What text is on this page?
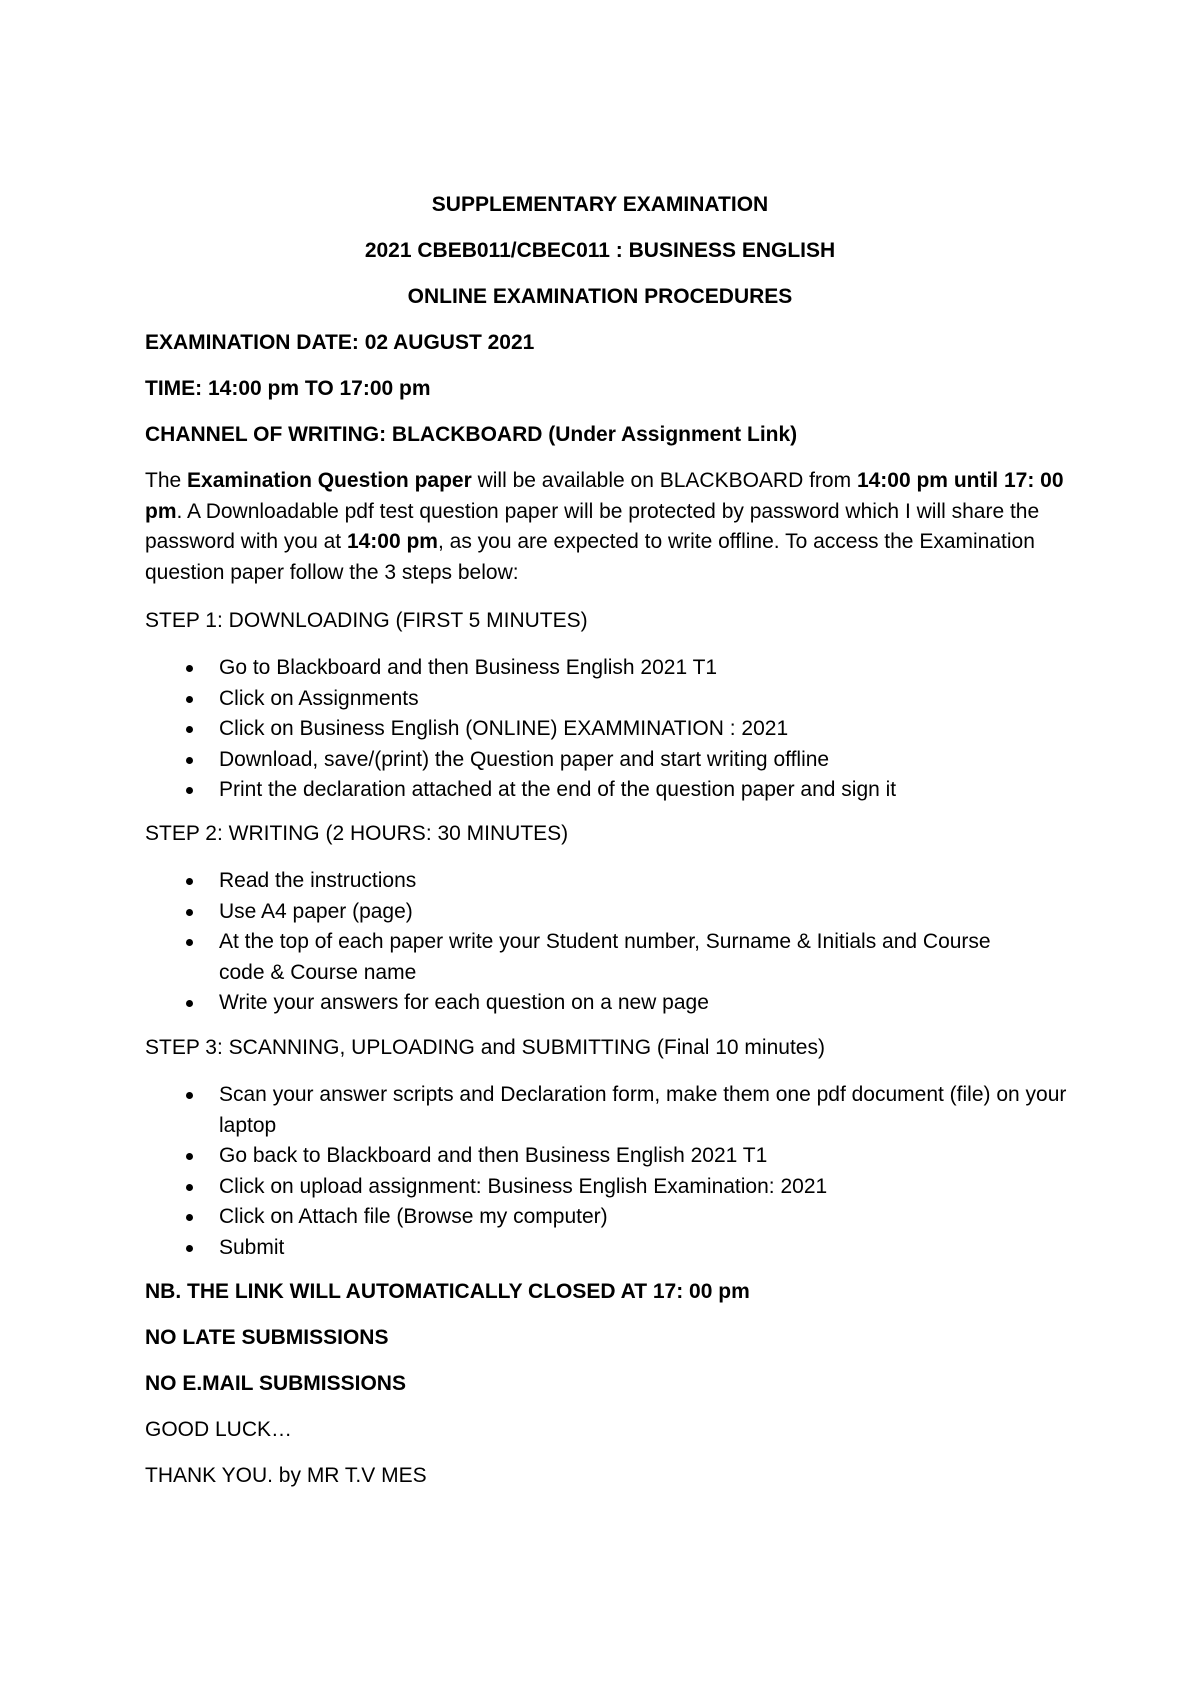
SUPPLEMENTARY EXAMINATION
2021 CBEB011/CBEC011 : BUSINESS ENGLISH
ONLINE EXAMINATION PROCEDURES
EXAMINATION DATE: 02 AUGUST 2021
TIME: 14:00 pm TO 17:00 pm
CHANNEL OF WRITING: BLACKBOARD (Under Assignment Link)

The Examination Question paper will be available on BLACKBOARD from 14:00 pm until 17: 00 pm. A Downloadable pdf test question paper will be protected by password which I will share the password with you at 14:00 pm, as you are expected to write offline. To access the Examination question paper follow the 3 steps below:

STEP 1: DOWNLOADING (FIRST 5 MINUTES)
Go to Blackboard and then Business English 2021 T1
Click on Assignments
Click on Business English (ONLINE) EXAMMINATION : 2021
Download, save/(print) the Question paper and start writing offline
Print the declaration attached at the end of the question paper and sign it
STEP 2: WRITING (2 HOURS: 30 MINUTES)
Read the instructions
Use A4 paper (page)
At the top of each paper write your Student number, Surname & Initials and Course code & Course name
Write your answers for each question on a new page
STEP 3: SCANNING, UPLOADING and SUBMITTING (Final 10 minutes)
Scan your answer scripts and Declaration form, make them one pdf document (file) on your laptop
Go back to Blackboard and then Business English 2021 T1
Click on upload assignment: Business English Examination: 2021
Click on Attach file (Browse my computer)
Submit
NB. THE LINK WILL AUTOMATICALLY CLOSED AT 17: 00 pm
NO LATE SUBMISSIONS
NO E.MAIL SUBMISSIONS
GOOD LUCK…
THANK YOU. by MR T.V MES
